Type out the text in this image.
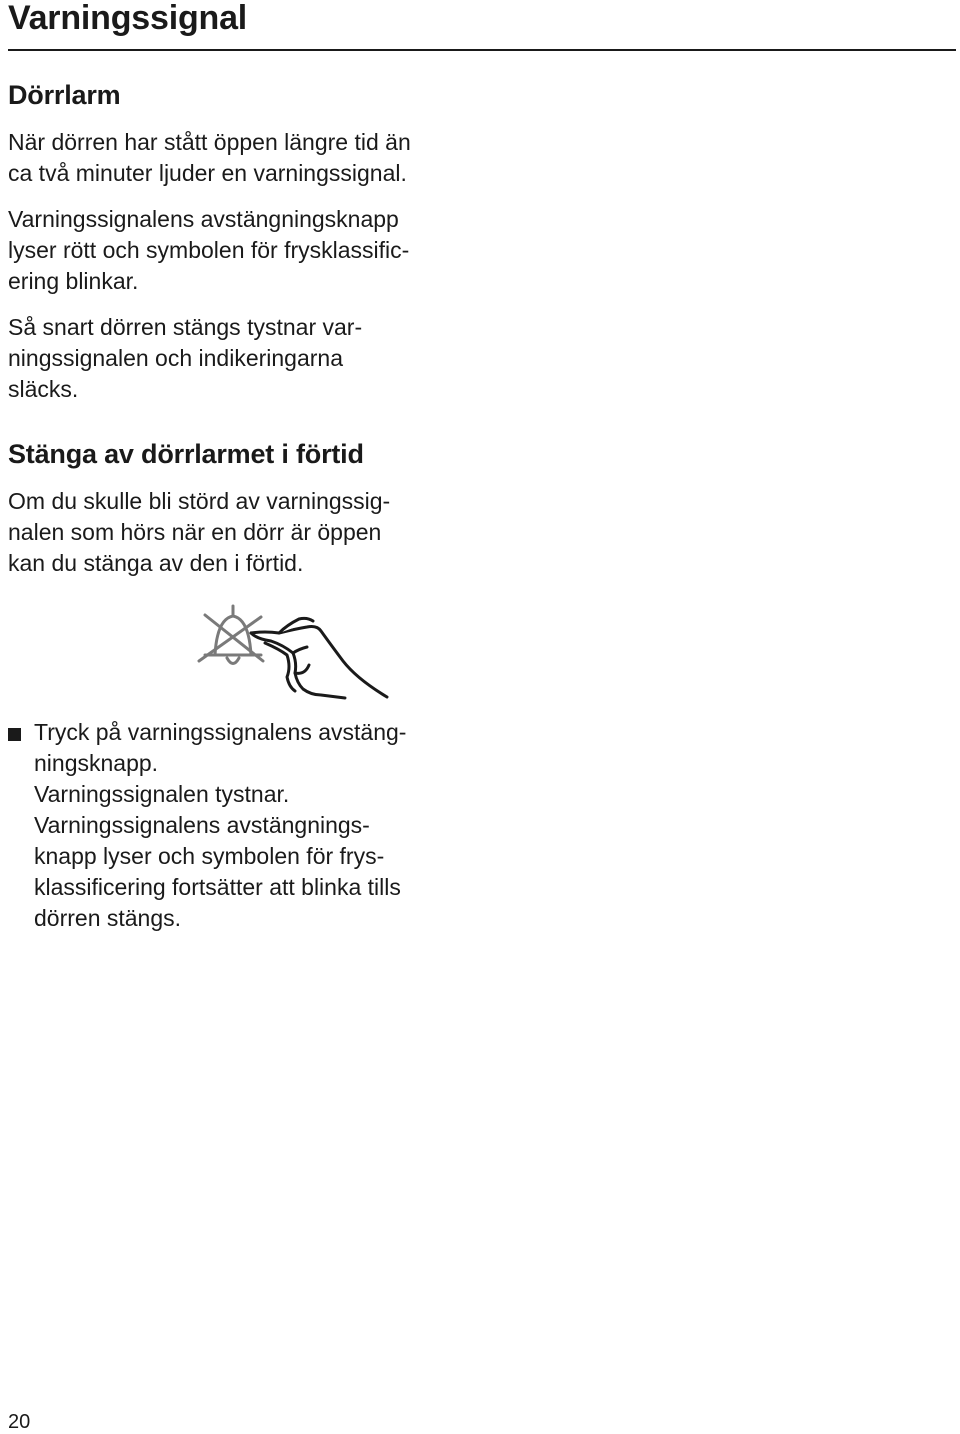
Varningssignal
Dörrlarm

När dörren har stått öppen längre tid än
ca två minuter ljuder en varningssignal.

Varningssignalens avstängningsknapp
lyser rött och symbolen för frysklassific-
ering blinkar.

Så snart dörren stängs tystnar var-
ningssignalen och indikeringarna
släcks.

Stänga av dörrlarmet i förtid

Om du skulle bli störd av varningssig-
nalen som hörs när en dörr är öppen
kan du stänga av den i förtid.

Tryck på varningssignalens avstäng-
ningsknapp.
Varningssignalen tystnar.
Varningssignalens avstängnings-
knapp lyser och symbolen för frys-
klassificering fortsätter att blinka tills
dörren stängs.

20
